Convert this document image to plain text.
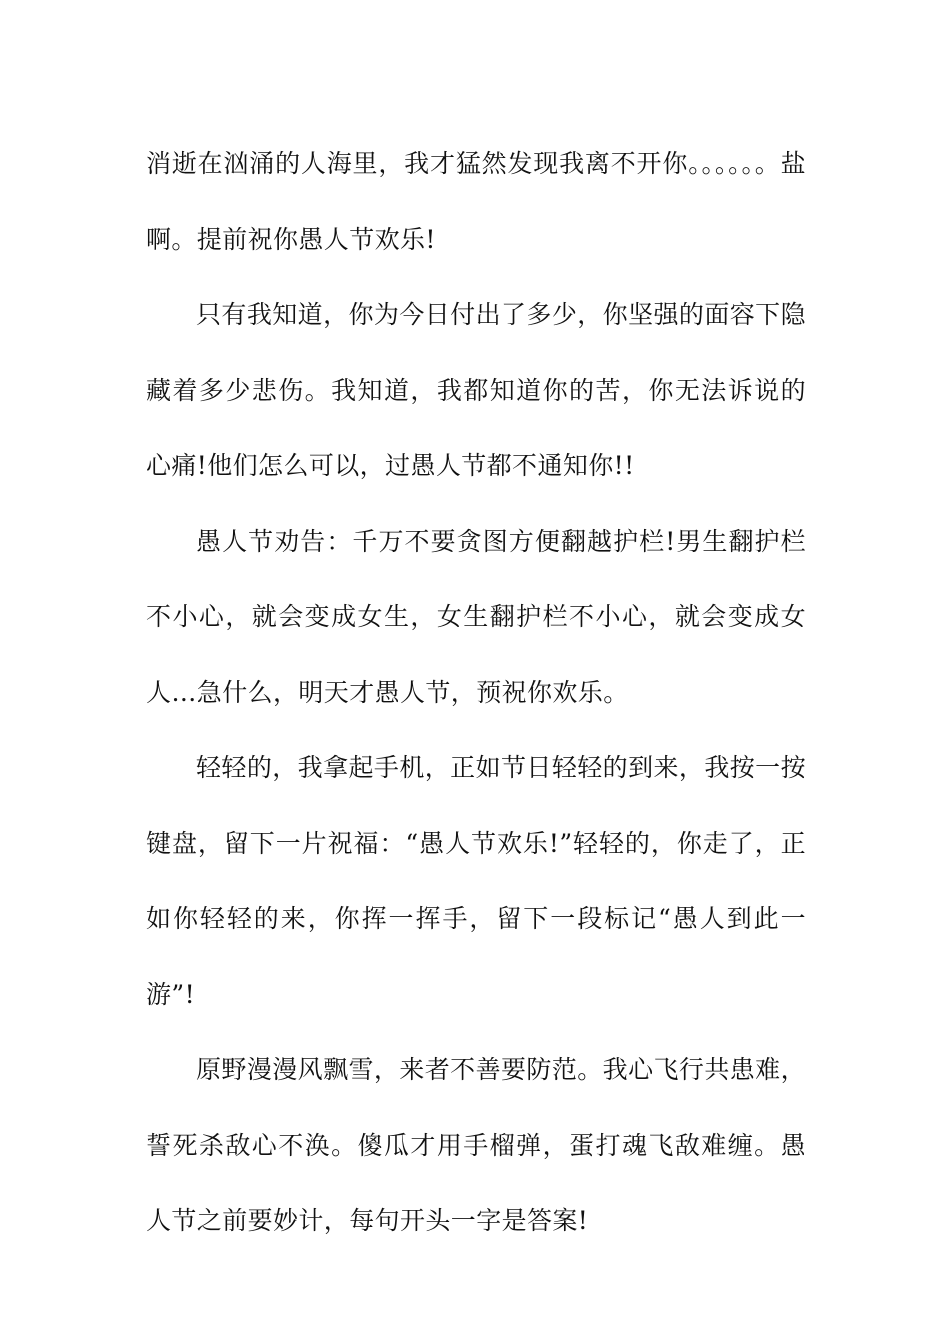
消逝在汹涌的人海里，我才猛然发现我离不开你。。。。。。盐啊。提前祝你愚人节欢乐!

只有我知道，你为今日付出了多少，你坚强的面容下隐藏着多少悲伤。我知道，我都知道你的苦，你无法诉说的心痛!他们怎么可以，过愚人节都不通知你!!

愚人节劝告：千万不要贪图方便翻越护栏!男生翻护栏不小心，就会变成女生，女生翻护栏不小心，就会变成女人…急什么，明天才愚人节，预祝你欢乐。

轻轻的，我拿起手机，正如节日轻轻的到来，我按一按键盘，留下一片祝福：“愚人节欢乐!”轻轻的，你走了，正如你轻轻的来，你挥一挥手，留下一段标记“愚人到此一游”!

原野漫漫风飘雪，来者不善要防范。我心飞行共患难，誓死杀敌心不涣。傻瓜才用手榴弹，蛋打魂飞敌难缠。愚人节之前要妙计，每句开头一字是答案!
